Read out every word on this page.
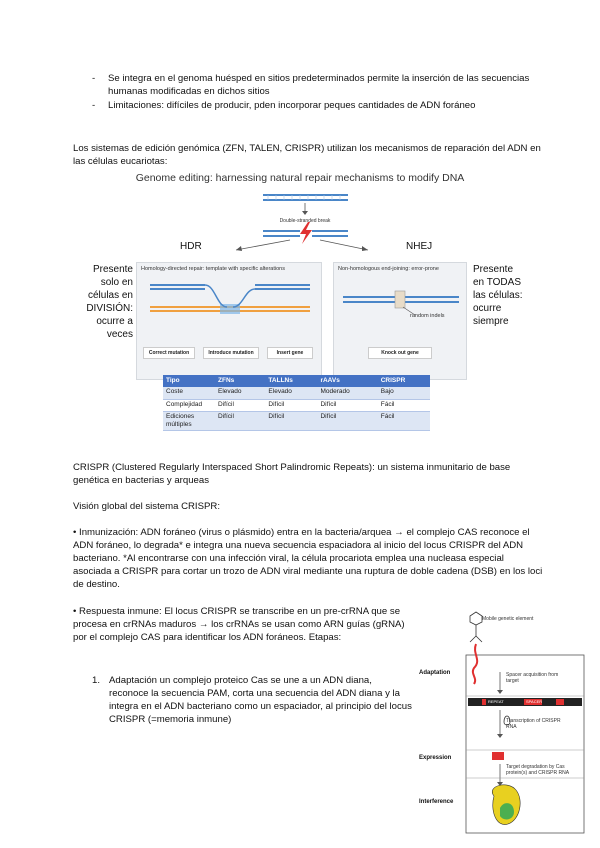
- Se integra en el genoma huésped en sitios predeterminados permite la inserción de las secuencias humanas modificadas en dichos sitios
- Limitaciones: difíciles de producir, pden incorporar peques cantidades de ADN foráneo

Los sistemas de edición genómica (ZFN, TALEN, CRISPR) utilizan los mecanismos de reparación del ADN en las células eucariotas:

Genome editing: harnessing natural repair mechanisms to modify DNA
Double-stranded break
HDR	NHEJ
Presente
solo en
células en
DIVISIÓN:
ocurre a
veces
Presente
en TODAS
las células:
ocurre
siempre
Homology-directed repair: template with specific alterations
Correct mutation	Introduce mutation	Insert gene
Non-homologous end-joining: error-prone
random indels
Knock out gene
Tipo	ZFNs	TALLNs	rAAVs	CRISPR
Coste	Elevado	Elevado	Moderado	Bajo
Complejidad	Difícil	Difícil	Difícil	Fácil
Ediciones múltiples	Difícil	Difícil	Difícil	Fácil

CRISPR (Clustered Regularly Interspaced Short Palindromic Repeats): un sistema inmunitario de base genética en bacterias y arqueas

Visión global del sistema CRISPR:

• Inmunización: ADN foráneo (virus o plásmido) entra en la bacteria/arquea → el complejo CAS reconoce el ADN foráneo, lo degrada* e integra una nueva secuencia espaciadora al inicio del locus CRISPR del ADN bacteriano. *Al encontrarse con una infección viral, la célula procariota emplea una nucleasa especial asociada a CRISPR para cortar un trozo de ADN viral mediante una ruptura de doble cadena (DSB) en los loci de destino.

• Respuesta inmune: El locus CRISPR se transcribe en un pre-crRNA que se procesa en crRNAs maduros → los crRNAs se usan como ARN guías (gRNA) por el complejo CAS para identificar los ADN foráneos. Etapas:

1. Adaptación un complejo proteico Cas se une a un ADN diana, reconoce la secuencia PAM, corta una secuencia del ADN diana y la integra en el ADN bacteriano como un espaciador, al principio del locus CRISPR (=memoria inmune)
Mobile genetic element
Adaptation	Spacer acquisition from target
REPEAT	SPACER
Transcription of CRISPR RNA
Expression
Target degradation by Cas protein(s) and CRISPR RNA
Interference
